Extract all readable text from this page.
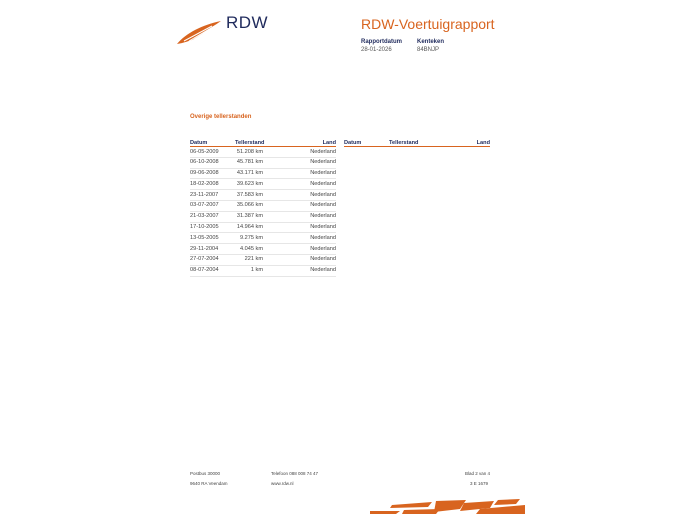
RDW	RDW-Voertuigrapport
Rapportdatum
28-01-2026
Kenteken
84BNJP
Overige tellerstanden
Datum	Tellerstand	Land
06-05-2009	51.208 km	Nederland
06-10-2008	45.781 km	Nederland
09-06-2008	43.171 km	Nederland
18-02-2008	39.623 km	Nederland
23-11-2007	37.583 km	Nederland
03-07-2007	35.066 km	Nederland
21-03-2007	31.387 km	Nederland
17-10-2005	14.964 km	Nederland
13-05-2005	9.275 km	Nederland
29-11-2004	4.045 km	Nederland
27-07-2004	221 km	Nederland
08-07-2004	1 km	Nederland
Datum	Tellerstand	Land
Postbus 30000
9640 RA Veendam
Telefoon 088 008 74 47
www.rdw.nl
Blad 2 van 4
3 E 1679
